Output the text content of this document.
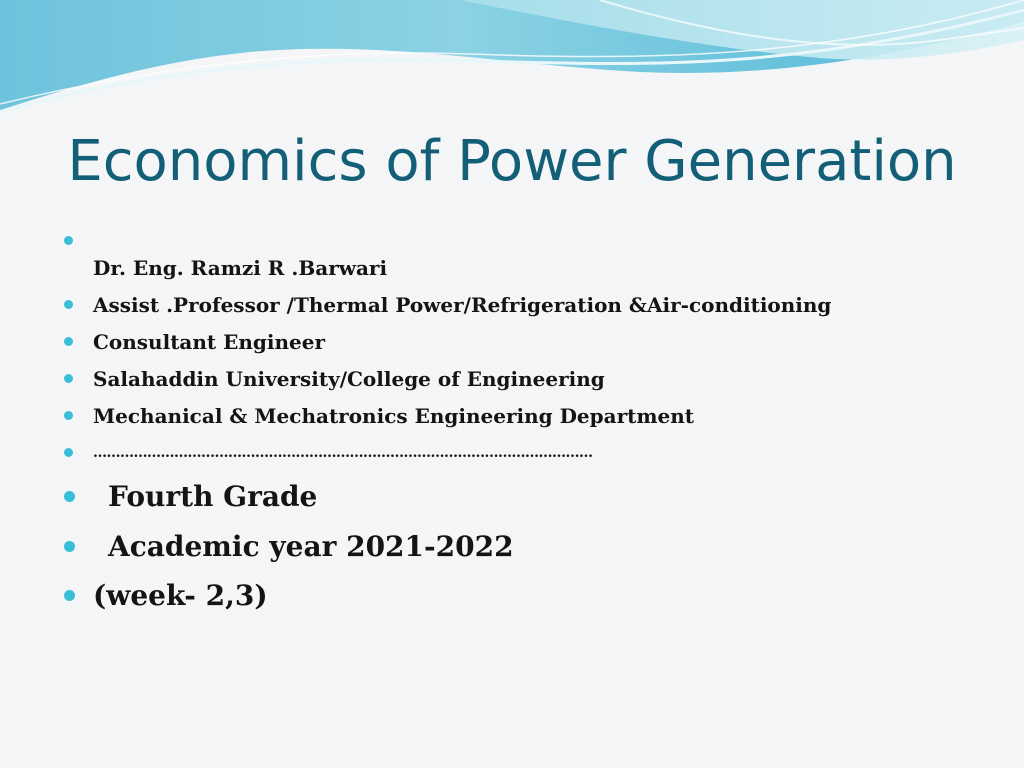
Economics of Power Generation
Dr. Eng. Ramzi R .Barwari
Assist .Professor /Thermal Power/Refrigeration &Air-conditioning
Consultant Engineer
Salahaddin University/College of Engineering
Mechanical & Mechatronics Engineering Department
…………………………………………………………………………………………………
Fourth Grade
Academic year 2021-2022
(week- 2,3)
